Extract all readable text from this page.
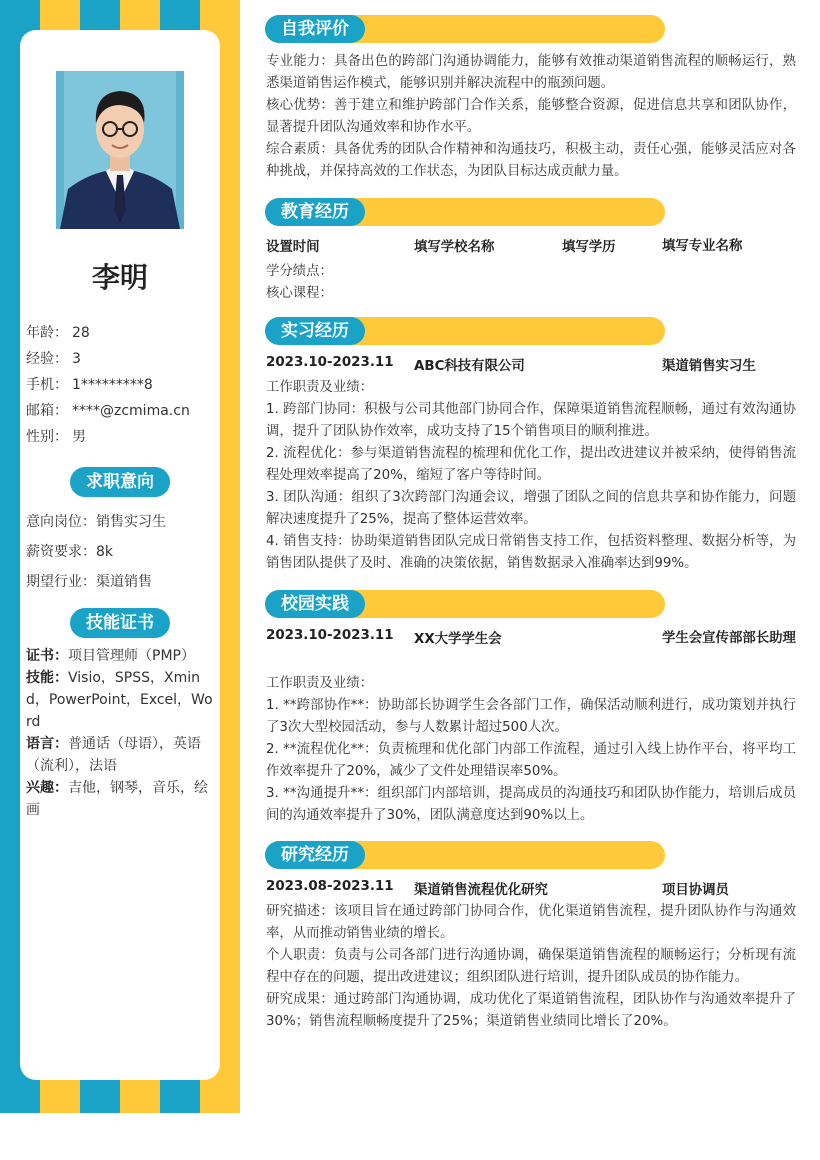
李明
年龄： 28
经验： 3
手机： 1*********8
邮箱： ****@zcmima.cn
性别： 男
求职意向
意向岗位：销售实习生
薪资要求：8k
期望行业：渠道销售
技能证书
证书：项目管理师（PMP）
技能：Visio，SPSS，Xmind，PowerPoint，Excel，Word
语言：普通话（母语），英语（流利），法语
兴趣：吉他，钢琴，音乐，绘画
自我评价
专业能力：具备出色的跨部门沟通协调能力，能够有效推动渠道销售流程的顺畅运行，熟悉渠道销售运作模式，能够识别并解决流程中的瓶颈问题。
核心优势：善于建立和维护跨部门合作关系，能够整合资源，促进信息共享和团队协作，显著提升团队沟通效率和协作水平。
综合素质：具备优秀的团队合作精神和沟通技巧，积极主动，责任心强，能够灵活应对各种挑战，并保持高效的工作状态，为团队目标达成贡献力量。
教育经历
设置时间	填写学校名称	填写学历	填写专业名称
学分绩点：
核心课程：
实习经历
2023.10-2023.11 ABC科技有限公司	渠道销售实习生
工作职责及业绩：
1. 跨部门协同：积极与公司其他部门协同合作，保障渠道销售流程顺畅，通过有效沟通协调，提升了团队协作效率，成功支持了15个销售项目的顺利推进。
2. 流程优化：参与渠道销售流程的梳理和优化工作，提出改进建议并被采纳，使得销售流程处理效率提高了20%，缩短了客户等待时间。
3. 团队沟通：组织了3次跨部门沟通会议，增强了团队之间的信息共享和协作能力，问题解决速度提升了25%，提高了整体运营效率。
4. 销售支持：协助渠道销售团队完成日常销售支持工作，包括资料整理、数据分析等，为销售团队提供了及时、准确的决策依据，销售数据录入准确率达到99%。
校园实践
2023.10-2023.11 XX大学学生会	学生会宣传部部长助理
工作职责及业绩：
1. **跨部协作**：协助部长协调学生会各部门工作，确保活动顺利进行，成功策划并执行了3次大型校园活动，参与人数累计超过500人次。
2. **流程优化**：负责梳理和优化部门内部工作流程，通过引入线上协作平台，将平均工作效率提升了20%，减少了文件处理错误率50%。
3. **沟通提升**：组织部门内部培训，提高成员的沟通技巧和团队协作能力，培训后成员间的沟通效率提升了30%，团队满意度达到90%以上。
研究经历
2023.08-2023.11 渠道销售流程优化研究	项目协调员
研究描述：该项目旨在通过跨部门协同合作，优化渠道销售流程，提升团队协作与沟通效率，从而推动销售业绩的增长。
个人职责：负责与公司各部门进行沟通协调，确保渠道销售流程的顺畅运行；分析现有流程中存在的问题，提出改进建议；组织团队进行培训，提升团队成员的协作能力。
研究成果：通过跨部门沟通协调，成功优化了渠道销售流程，团队协作与沟通效率提升了30%；销售流程顺畅度提升了25%；渠道销售业绩同比增长了20%。
